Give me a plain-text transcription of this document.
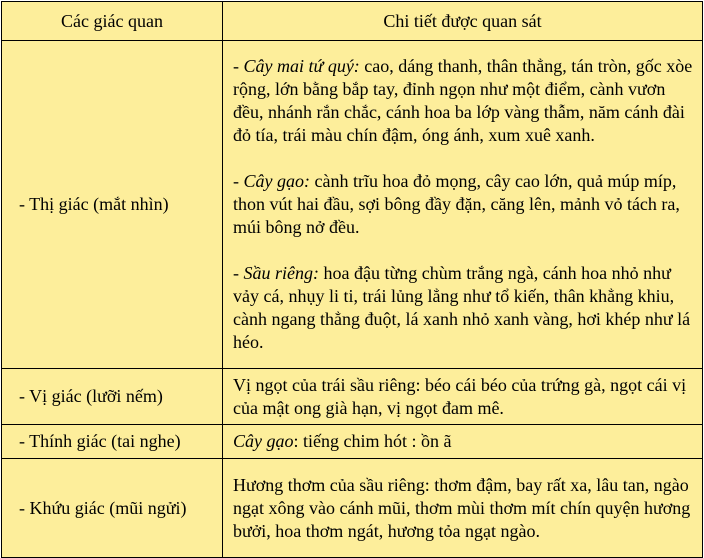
Các giác quan	Chi tiết được quan sát
- Thị giác (mắt nhìn)	- Cây mai tứ quý: cao, dáng thanh, thân thẳng, tán tròn, gốc xòe rộng, lớn bằng bắp tay, đỉnh ngọn như một điểm, cành vươn đều, nhánh rắn chắc, cánh hoa ba lớp vàng thẫm, năm cánh đài đỏ tía, trái màu chín đậm, óng ánh, xum xuê xanh.

- Cây gạo: cành trĩu hoa đỏ mọng, cây cao lớn, quả múp míp, thon vút hai đầu, sợi bông đầy đặn, căng lên, mảnh vỏ tách ra, múi bông nở đều.

- Sầu riêng: hoa đậu từng chùm trắng ngà, cánh hoa nhỏ như vảy cá, nhụy li ti, trái lủng lẳng như tổ kiến, thân khẳng khiu, cành ngang thẳng đuột, lá xanh nhỏ xanh vàng, hơi khép như lá héo.

- Vị giác (lưỡi nếm)	Vị ngọt của trái sầu riêng: béo cái béo của trứng gà, ngọt cái vị của mật ong già hạn, vị ngọt đam mê.
- Thính giác (tai nghe)	Cây gạo: tiếng chim hót : ồn ã
- Khứu giác (mũi ngửi)	Hương thơm của sầu riêng: thơm đậm, bay rất xa, lâu tan, ngào ngạt xông vào cánh mũi, thơm mùi thơm mít chín quyện hương bưởi, hoa thơm ngát, hương tỏa ngạt ngào.
